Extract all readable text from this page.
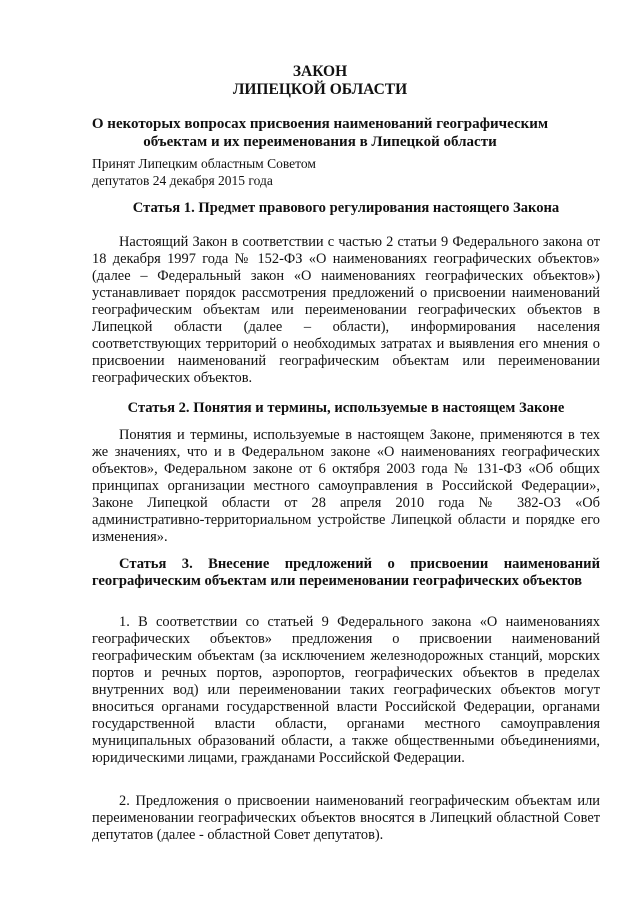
ЗАКОН
ЛИПЕЦКОЙ ОБЛАСТИ
О некоторых вопросах присвоения наименований географическим объектам и их переименования в Липецкой области
Принят Липецким областным Советом
депутатов 24 декабря 2015 года
Статья 1. Предмет правового регулирования настоящего Закона

Настоящий Закон в соответствии с частью 2 статьи 9 Федерального закона от 18 декабря 1997 года № 152-ФЗ «О наименованиях географических объектов» (далее – Федеральный закон «О наименованиях географических объектов») устанавливает порядок рассмотрения предложений о присвоении наименований географическим объектам или переименовании географических объектов в Липецкой области (далее – области), информирования населения соответствующих территорий о необходимых затратах и выявления его мнения о присвоении наименований географическим объектам или переименовании географических объектов.

Статья 2. Понятия и термины, используемые в настоящем Законе

Понятия и термины, используемые в настоящем Законе, применяются в тех же значениях, что и в Федеральном законе «О наименованиях географических объектов», Федеральном законе от 6 октября 2003 года № 131-ФЗ «Об общих принципах организации местного самоуправления в Российской Федерации», Законе Липецкой области от 28 апреля 2010 года № 382-ОЗ «Об административно-территориальном устройстве Липецкой области и порядке его изменения».

Статья 3. Внесение предложений о присвоении наименований географическим объектам или переименовании географических объектов

1. В соответствии со статьей 9 Федерального закона «О наименованиях географических объектов» предложения о присвоении наименований географическим объектам (за исключением железнодорожных станций, морских портов и речных портов, аэропортов, географических объектов в пределах внутренних вод) или переименовании таких географических объектов могут вноситься органами государственной власти Российской Федерации, органами государственной власти области, органами местного самоуправления муниципальных образований области, а также общественными объединениями, юридическими лицами, гражданами Российской Федерации.

2. Предложения о присвоении наименований географическим объектам или переименовании географических объектов вносятся в Липецкий областной Совет депутатов (далее - областной Совет депутатов).
